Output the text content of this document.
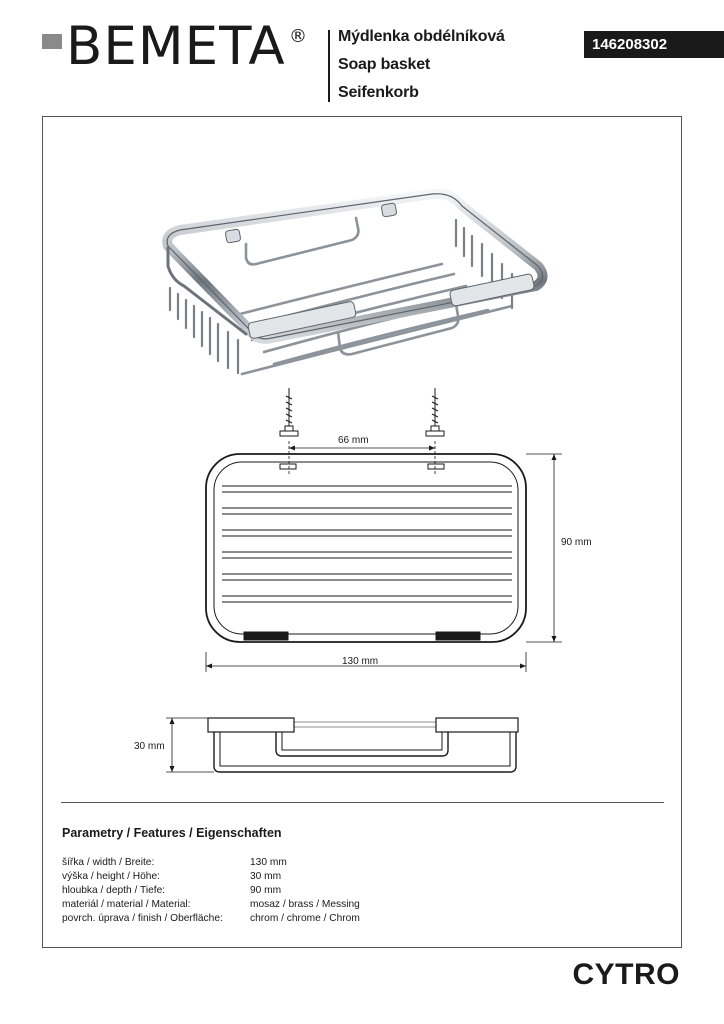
BEMETA ® Mýdlenka obdélníková
Soap basket
Seifenkorb
146208302
66 mm
90 mm
130 mm
30 mm
Parametry / Features / Eigenschaften
šířka / width / Breite:	130 mm
výška / height / Höhe:	30 mm
hloubka / depth / Tiefe:	90 mm
materiál / material / Material:	mosaz / brass / Messing
povrch. úprava / finish / Oberfläche:	chrom / chrome / Chrom
CYTRO
